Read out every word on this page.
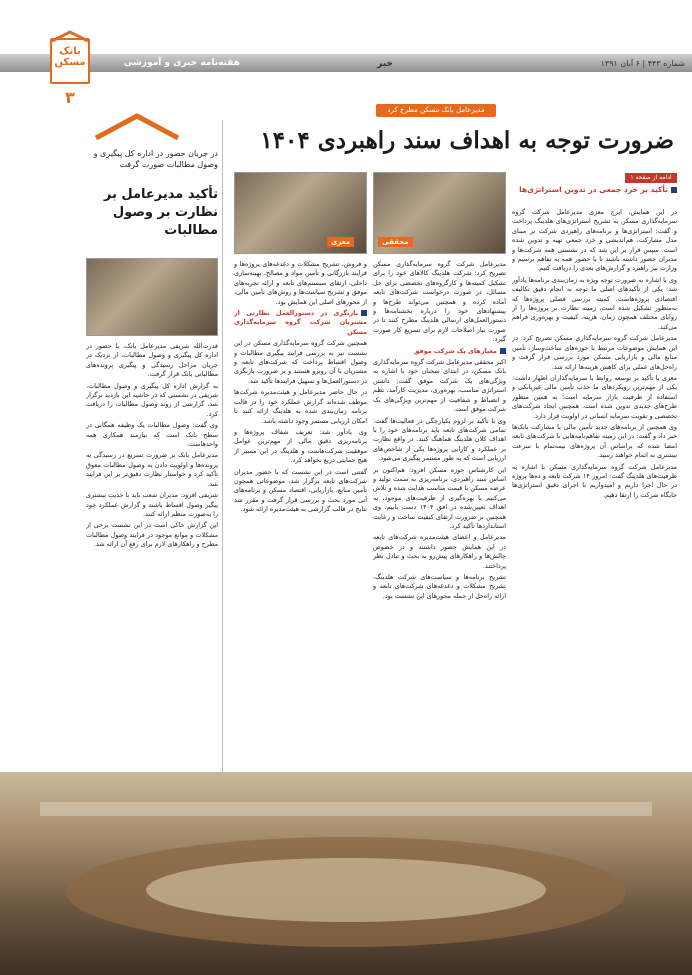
هفته‌نامه خبری و آموزشی	خبر	شماره ۴۴۳ | ۶ آبان ۱۳۹۱
بانک
مسکن
۳
مدیرعامل بانک مسکن مطرح کرد
ضرورت توجه به اهداف سند راهبردی ۱۴۰۴
محققی
معزی
ادامه از صفحه ۱
تأکید بر خرد جمعی در تدوین استراتژی‌ها

در این همایش، ایرج معزی مدیرعامل شرکت گروه سرمایه‌گذاری مسکن به تشریح استراتژی‌های هلدینگ پرداخت و گفت: استراتژی‌ها و برنامه‌های راهبردی شرکت بر مبنای مدل مشارکت، هم‌اندیشی و خرد جمعی تهیه و تدوین شده است. سپس قرار بر این شد که در نشستی همه شرکت‌ها و مدیران حضور داشته باشند تا با حضور همه به تفاهم برسیم و وزارت نیز راهبرد و گزارش‌های بعدی را دریافت کنیم.

وی با اشاره به ضرورت توجه ویژه به زمان‌بندی برنامه‌ها یادآور شد: یکی از تأکیدهای اصلی ما توجه به انجام دقیق تکالیف اقتصادی پروژه‌هاست. کمیته بررسی فصلی پروژه‌ها که به‌منظور تشکیل شده است، زمینه نظارت بر پروژه‌ها را از زوایای مختلف همچون زمان، هزینه، کیفیت و بهره‌وری فراهم می‌کند.

مدیرعامل شرکت گروه سرمایه‌گذاری مسکن تصریح کرد: در این همایش موضوعات مرتبط با حوزه‌های ساخت‌وساز، تأمین منابع مالی و بازاریابی مسکن مورد بررسی قرار گرفت و راه‌حل‌های عملی برای کاهش هزینه‌ها ارائه شد.

معزی با تأکید بر توسعه روابط با سرمایه‌گذاران اظهار داشت: یکی از مهم‌ترین رویکردهای ما جذب تأمین مالی غیربانکی و استفاده از ظرفیت بازار سرمایه است؛ به همین منظور طرح‌های جدیدی تدوین شده است. همچنین ایجاد شرکت‌های تخصصی و تقویت سرمایه انسانی در اولویت قرار دارد.

وی همچنین از برنامه‌های جدید تأمین مالی با مشارکت بانک‌ها خبر داد و گفت: در این زمینه تفاهم‌نامه‌هایی با شرکت‌های تابعه امضا شده که براساس آن پروژه‌های نیمه‌تمام با سرعت بیشتری به اتمام خواهند رسید.

مدیرعامل شرکت گروه سرمایه‌گذاری مسکن با اشاره به ظرفیت‌های هلدینگ گفت: امروز ۱۴ شرکت تابعه و ده‌ها پروژه در حال اجرا داریم و امیدواریم با اجرای دقیق استراتژی‌ها جایگاه شرکت را ارتقا دهیم.

مدیرعامل شرکت گروه سرمایه‌گذاری مسکن تصریح کرد: شرکت هلدینگ کالاهای خود را برای تشکیل کمیته‌ها و کارگروه‌های تخصصی برای حل مسائل، در صورت درخواست شرکت‌های تابعه آماده کرده و همچنین می‌تواند طرح‌ها و پیشنهادهای خود را درباره بخشنامه‌ها و دستورالعمل‌های ارسالی هلدینگ مطرح کنند تا در صورت نیاز اصلاحات لازم برای تسریع کار صورت گیرد.

معیارهای یک شرکت موفق

اکبر محققی مدیرعامل شرکت گروه سرمایه‌گذاری بانک مسکن، در ابتدای سخنان خود با اشاره به ویژگی‌های یک شرکت موفق گفت: داشتن استراتژی مناسب، بهره‌وری، مدیریت کارآمد، نظم و انضباط و شفافیت از مهم‌ترین ویژگی‌های یک شرکت موفق است.

وی با تأکید بر لزوم یکپارچگی در فعالیت‌ها گفت: تمامی شرکت‌های تابعه باید برنامه‌های خود را با اهداف کلان هلدینگ هماهنگ کنند. در واقع نظارت بر عملکرد و کارایی پروژه‌ها یکی از شاخص‌های ارزیابی است که به طور مستمر پیگیری می‌شود.

این کارشناس حوزه مسکن افزود: هم‌اکنون بر اساس سند راهبردی، برنامه‌ریزی به سمت تولید و عرضه مسکن با قیمت مناسب هدایت شده و تلاش می‌کنیم با بهره‌گیری از ظرفیت‌های موجود، به اهداف تعیین‌شده در افق ۱۴۰۴ دست یابیم. وی همچنین بر ضرورت ارتقای کیفیت ساخت و رعایت استانداردها تأکید کرد.

مدیرعامل و اعضای هیئت‌مدیره شرکت‌های تابعه در این همایش حضور داشتند و در خصوص چالش‌ها و راهکارهای پیش‌رو به بحث و تبادل نظر پرداختند.

تشریح برنامه‌ها و سیاست‌های شرکت هلدینگ، تشریح مشکلات و دغدغه‌های شرکت‌های تابعه و ارائه راه‌حل از جمله محورهای این نشست بود.

و فروش، تشریح مشکلات و دغدغه‌های پروژه‌ها و فرایند بازرگانی و تأمین مواد و مصالح، بهینه‌سازی داخلی، ارتقای سیستم‌های تابعه و ارائه تجربه‌های موفق و تشریح سیاست‌ها و روش‌های تأمین مالی، از محورهای اصلی این همایش بود.

بازنگری در دستورالعمل نظارتی از مشتریان شرکت گروه سرمایه‌گذاری مسکن

همچنین شرکت گروه سرمایه‌گذاری مسکن در این نشست نیز به بررسی فرایند پیگیری مطالبات و وصول اقساط پرداخت که شرکت‌های تابعه و مشتریان با آن روبرو هستند و بر ضرورت بازنگری در دستورالعمل‌ها و تسهیل فرایندها تأکید شد.

در حال حاضر مدیرعامل و هیئت‌مدیره شرکت‌ها موظف شده‌اند گزارش عملکرد خود را در قالب برنامه زمان‌بندی شده به هلدینگ ارائه کنند تا امکان ارزیابی مستمر وجود داشته باشد.

وی یادآور شد: تعریف شفاف پروژه‌ها و برنامه‌ریزی دقیق مالی از مهم‌ترین عوامل موفقیت شرکت‌هاست و هلدینگ در این مسیر از هیچ حمایتی دریغ نخواهد کرد.

گفتنی است در این نشست که با حضور مدیران شرکت‌های تابعه برگزار شد، موضوعاتی همچون تأمین منابع، بازاریابی، اقتصاد مسکن و برنامه‌های آتی مورد بحث و بررسی قرار گرفت و مقرر شد نتایج در قالب گزارشی به هیئت‌مدیره ارائه شود.

در جریان حضور در اداره کل پیگیری و وصول مطالبات صورت گرفت
تأکید مدیرعامل بر نظارت بر وصول مطالبات

قدرت‌الله شریفی مدیرعامل بانک، با حضور در اداره کل پیگیری و وصول مطالبات، از نزدیک در جریان مراحل رسیدگی و پیگیری پرونده‌های مطالباتی بانک قرار گرفت.

به گزارش اداره کل پیگیری و وصول مطالبات، شریفی در نشستی که در حاشیه این بازدید برگزار شد، گزارشی از روند وصول مطالبات را دریافت کرد.

وی گفت: وصول مطالبات یک وظیفه همگانی در سطح بانک است که نیازمند همکاری همه واحدهاست.

مدیرعامل بانک بر ضرورت تسریع در رسیدگی به پرونده‌ها و اولویت دادن به وصول مطالبات معوق تأکید کرد و خواستار نظارت دقیق‌تر بر این فرایند شد.

شریفی افزود: مدیران شعب باید با جدیت بیشتری پیگیر وصول اقساط باشند و گزارش عملکرد خود را به‌صورت منظم ارائه کنند.

این گزارش حاکی است در این نشست برخی از مشکلات و موانع موجود در فرایند وصول مطالبات مطرح و راهکارهای لازم برای رفع آن ارائه شد.
